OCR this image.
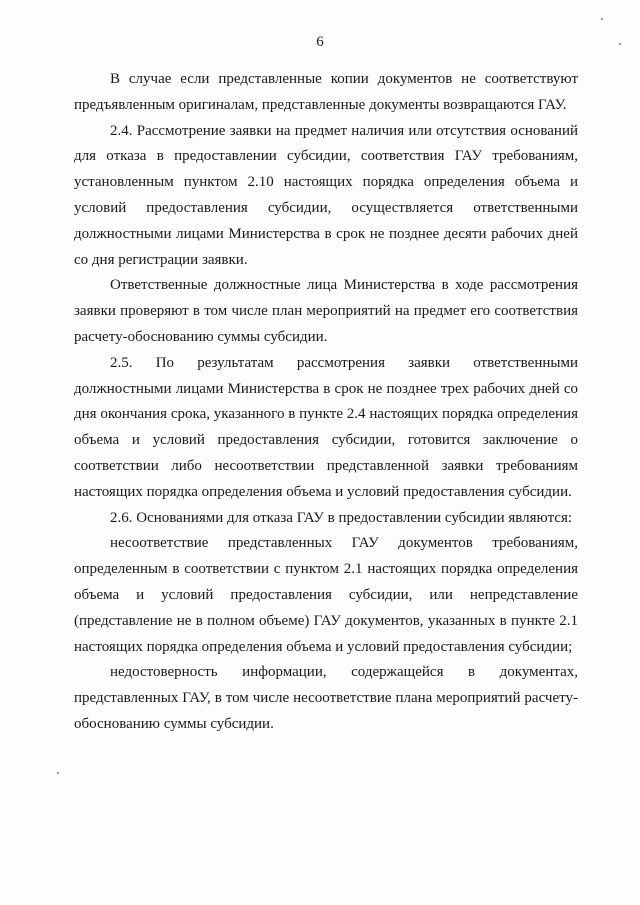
6

В случае если представленные копии документов не соответствуют предъявленным оригиналам, представленные документы возвращаются ГАУ.

2.4. Рассмотрение заявки на предмет наличия или отсутствия оснований для отказа в предоставлении субсидии, соответствия ГАУ требованиям, установленным пунктом 2.10 настоящих порядка определения объема и условий предоставления субсидии, осуществляется ответственными должностными лицами Министерства в срок не позднее десяти рабочих дней со дня регистрации заявки.

Ответственные должностные лица Министерства в ходе рассмотрения заявки проверяют в том числе план мероприятий на предмет его соответствия расчету-обоснованию суммы субсидии.

2.5. По результатам рассмотрения заявки ответственными должностными лицами Министерства в срок не позднее трех рабочих дней со дня окончания срока, указанного в пункте 2.4 настоящих порядка определения объема и условий предоставления субсидии, готовится заключение о соответствии либо несоответствии представленной заявки требованиям настоящих порядка определения объема и условий предоставления субсидии.

2.6. Основаниями для отказа ГАУ в предоставлении субсидии являются:

несоответствие представленных ГАУ документов требованиям, определенным в соответствии с пунктом 2.1 настоящих порядка определения объема и условий предоставления субсидии, или непредставление (представление не в полном объеме) ГАУ документов, указанных в пункте 2.1 настоящих порядка определения объема и условий предоставления субсидии;

недостоверность информации, содержащейся в документах, представленных ГАУ, в том числе несоответствие плана мероприятий расчету-обоснованию суммы субсидии.
